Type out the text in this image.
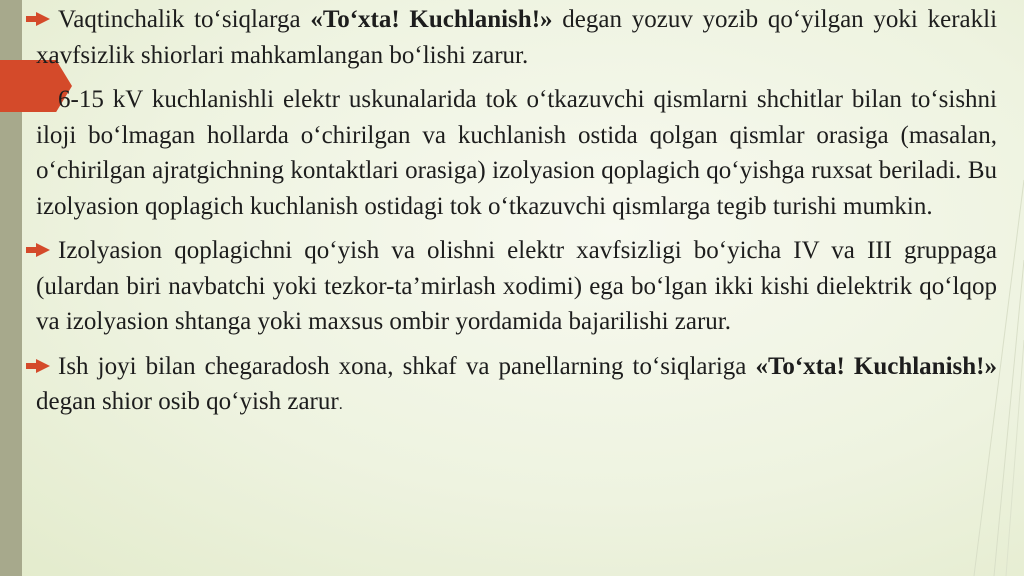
Vaqtinchalik to‘siqlarga «To‘xta! Kuchlanish!» degan yozuv yozib qo‘yilgan yoki kerakli xavfsizlik shiorlari mahkamlangan bo‘lishi zarur.

6-15 kV kuchlanishli elektr uskunalarida tok o‘tkazuvchi qismlarni shchitlar bilan to‘sishni iloji bo‘lmagan hollarda o‘chirilgan va kuchlanish ostida qolgan qismlar orasiga (masalan, o‘chirilgan ajratgichning kontaktlari orasiga) izolyasion qoplagich qo‘yishga ruxsat beriladi. Bu izolyasion qoplagich kuchlanish ostidagi tok o‘tkazuvchi qismlarga tegib turishi mumkin.

Izolyasion qoplagichni qo‘yish va olishni elektr xavfsizligi bo‘yicha IV va III gruppaga (ulardan biri navbatchi yoki tezkor-ta’mirlash xodimi) ega bo‘lgan ikki kishi dielektrik qo‘lqop va izolyasion shtanga yoki maxsus ombir yordamida bajarilishi zarur.

Ish joyi bilan chegaradosh xona, shkaf va panellarning to‘siqlariga «To‘xta! Kuchlanish!» degan shior osib qo‘yish zarur.
